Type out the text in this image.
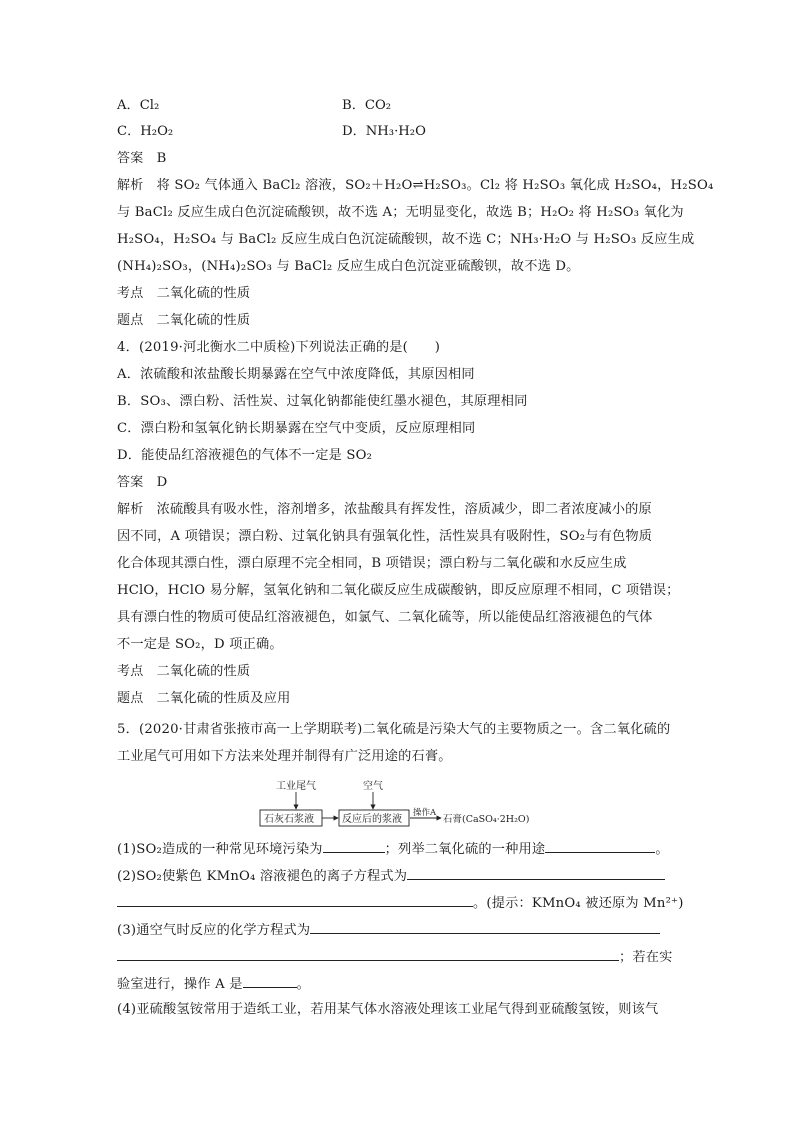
A．Cl₂	B．CO₂
C．H₂O₂	D．NH₃·H₂O
答案 B
解析 将 SO₂ 气体通入 BaCl₂ 溶液，SO₂＋H₂O⇌H₂SO₃。Cl₂ 将 H₂SO₃ 氧化成 H₂SO₄，H₂SO₄
与 BaCl₂ 反应生成白色沉淀硫酸钡，故不选 A；无明显变化，故选 B；H₂O₂ 将 H₂SO₃ 氧化为
H₂SO₄，H₂SO₄ 与 BaCl₂ 反应生成白色沉淀硫酸钡，故不选 C；NH₃·H₂O 与 H₂SO₃ 反应生成
(NH₄)₂SO₃，(NH₄)₂SO₃ 与 BaCl₂ 反应生成白色沉淀亚硫酸钡，故不选 D。
考点 二氧化硫的性质
题点 二氧化硫的性质
4．(2019·河北衡水二中质检)下列说法正确的是(　　)
A．浓硫酸和浓盐酸长期暴露在空气中浓度降低，其原因相同
B．SO₃、漂白粉、活性炭、过氧化钠都能使红墨水褪色，其原理相同
C．漂白粉和氢氧化钠长期暴露在空气中变质，反应原理相同
D．能使品红溶液褪色的气体不一定是 SO₂
答案 D
解析 浓硫酸具有吸水性，溶剂增多，浓盐酸具有挥发性，溶质减少，即二者浓度减小的原
因不同，A 项错误；漂白粉、过氧化钠具有强氧化性，活性炭具有吸附性，SO₂与有色物质
化合体现其漂白性，漂白原理不完全相同，B 项错误；漂白粉与二氧化碳和水反应生成
HClO，HClO 易分解，氢氧化钠和二氧化碳反应生成碳酸钠，即反应原理不相同，C 项错误；
具有漂白性的物质可使品红溶液褪色，如氯气、二氧化硫等，所以能使品红溶液褪色的气体
不一定是 SO₂，D 项正确。
考点 二氧化硫的性质
题点 二氧化硫的性质及应用
5．(2020·甘肃省张掖市高一上学期联考)二氧化硫是污染大气的主要物质之一。含二氧化硫的
工业尾气可用如下方法来处理并制得有广泛用途的石膏。
工业尾气	空气
石灰石浆液	反应后的浆液
操作A
石膏(CaSO₄·2H₂O)
(1)SO₂造成的一种常见环境污染为	；列举二氧化硫的一种用途	。
(2)SO₂使紫色 KMnO₄ 溶液褪色的离子方程式为
。(提示：KMnO₄ 被还原为 Mn²⁺)
(3)通空气时反应的化学方程式为
；若在实
验室进行，操作 A 是	。
(4)亚硫酸氢铵常用于造纸工业，若用某气体水溶液处理该工业尾气得到亚硫酸氢铵，则该气
